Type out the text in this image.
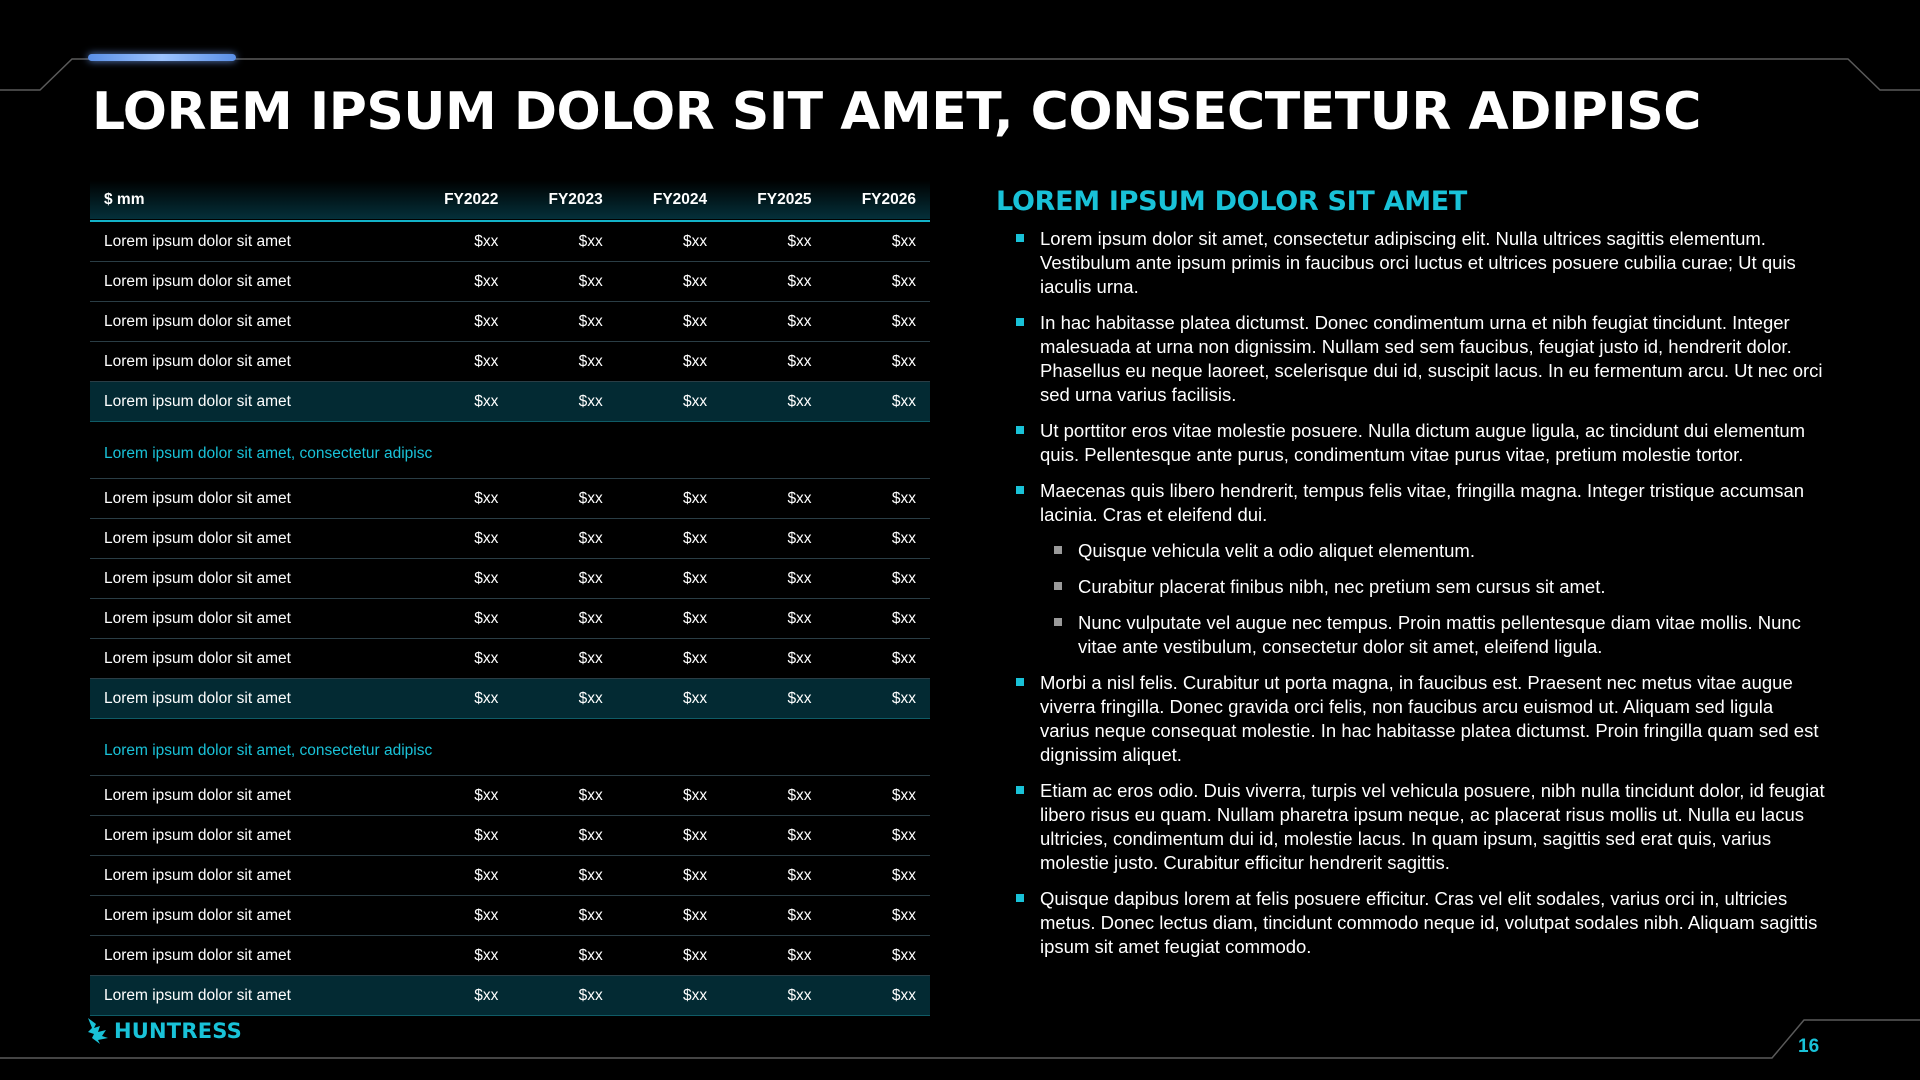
LOREM IPSUM DOLOR SIT AMET, CONSECTETUR ADIPISC
$ mm	FY2022	FY2023	FY2024	FY2025	FY2026
Lorem ipsum dolor sit amet	$xx	$xx	$xx	$xx	$xx
Lorem ipsum dolor sit amet	$xx	$xx	$xx	$xx	$xx
Lorem ipsum dolor sit amet	$xx	$xx	$xx	$xx	$xx
Lorem ipsum dolor sit amet	$xx	$xx	$xx	$xx	$xx
Lorem ipsum dolor sit amet	$xx	$xx	$xx	$xx	$xx
Lorem ipsum dolor sit amet, consectetur adipisc					
Lorem ipsum dolor sit amet	$xx	$xx	$xx	$xx	$xx
Lorem ipsum dolor sit amet	$xx	$xx	$xx	$xx	$xx
Lorem ipsum dolor sit amet	$xx	$xx	$xx	$xx	$xx
Lorem ipsum dolor sit amet	$xx	$xx	$xx	$xx	$xx
Lorem ipsum dolor sit amet	$xx	$xx	$xx	$xx	$xx
Lorem ipsum dolor sit amet	$xx	$xx	$xx	$xx	$xx
Lorem ipsum dolor sit amet, consectetur adipisc					
Lorem ipsum dolor sit amet	$xx	$xx	$xx	$xx	$xx
Lorem ipsum dolor sit amet	$xx	$xx	$xx	$xx	$xx
Lorem ipsum dolor sit amet	$xx	$xx	$xx	$xx	$xx
Lorem ipsum dolor sit amet	$xx	$xx	$xx	$xx	$xx
Lorem ipsum dolor sit amet	$xx	$xx	$xx	$xx	$xx
Lorem ipsum dolor sit amet	$xx	$xx	$xx	$xx	$xx
LOREM IPSUM DOLOR SIT AMET
Lorem ipsum dolor sit amet, consectetur adipiscing elit. Nulla ultrices sagittis elementum. Vestibulum ante ipsum primis in faucibus orci luctus et ultrices posuere cubilia curae; Ut quis iaculis urna.
In hac habitasse platea dictumst. Donec condimentum urna et nibh feugiat tincidunt. Integer malesuada at urna non dignissim. Nullam sed sem faucibus, feugiat justo id, hendrerit dolor. Phasellus eu neque laoreet, scelerisque dui id, suscipit lacus. In eu fermentum arcu. Ut nec orci sed urna varius facilisis.
Ut porttitor eros vitae molestie posuere. Nulla dictum augue ligula, ac tincidunt dui elementum quis. Pellentesque ante purus, condimentum vitae purus vitae, pretium molestie tortor.
Maecenas quis libero hendrerit, tempus felis vitae, fringilla magna. Integer tristique accumsan lacinia. Cras et eleifend dui.
Quisque vehicula velit a odio aliquet elementum.
Curabitur placerat finibus nibh, nec pretium sem cursus sit amet.
Nunc vulputate vel augue nec tempus. Proin mattis pellentesque diam vitae mollis. Nunc vitae ante vestibulum, consectetur dolor sit amet, eleifend ligula.
Morbi a nisl felis. Curabitur ut porta magna, in faucibus est. Praesent nec metus vitae augue viverra fringilla. Donec gravida orci felis, non faucibus arcu euismod ut. Aliquam sed ligula varius neque consequat molestie. In hac habitasse platea dictumst. Proin fringilla quam sed est dignissim aliquet.
Etiam ac eros odio. Duis viverra, turpis vel vehicula posuere, nibh nulla tincidunt dolor, id feugiat libero risus eu quam. Nullam pharetra ipsum neque, ac placerat risus mollis ut. Nulla eu lacus ultricies, condimentum dui id, molestie lacus. In quam ipsum, sagittis sed erat quis, varius molestie justo. Curabitur efficitur hendrerit sagittis.
Quisque dapibus lorem at felis posuere efficitur. Cras vel elit sodales, varius orci in, ultricies metus. Donec lectus diam, tincidunt commodo neque id, volutpat sodales nibh. Aliquam sagittis ipsum sit amet feugiat commodo.
HUNTRESS
16
